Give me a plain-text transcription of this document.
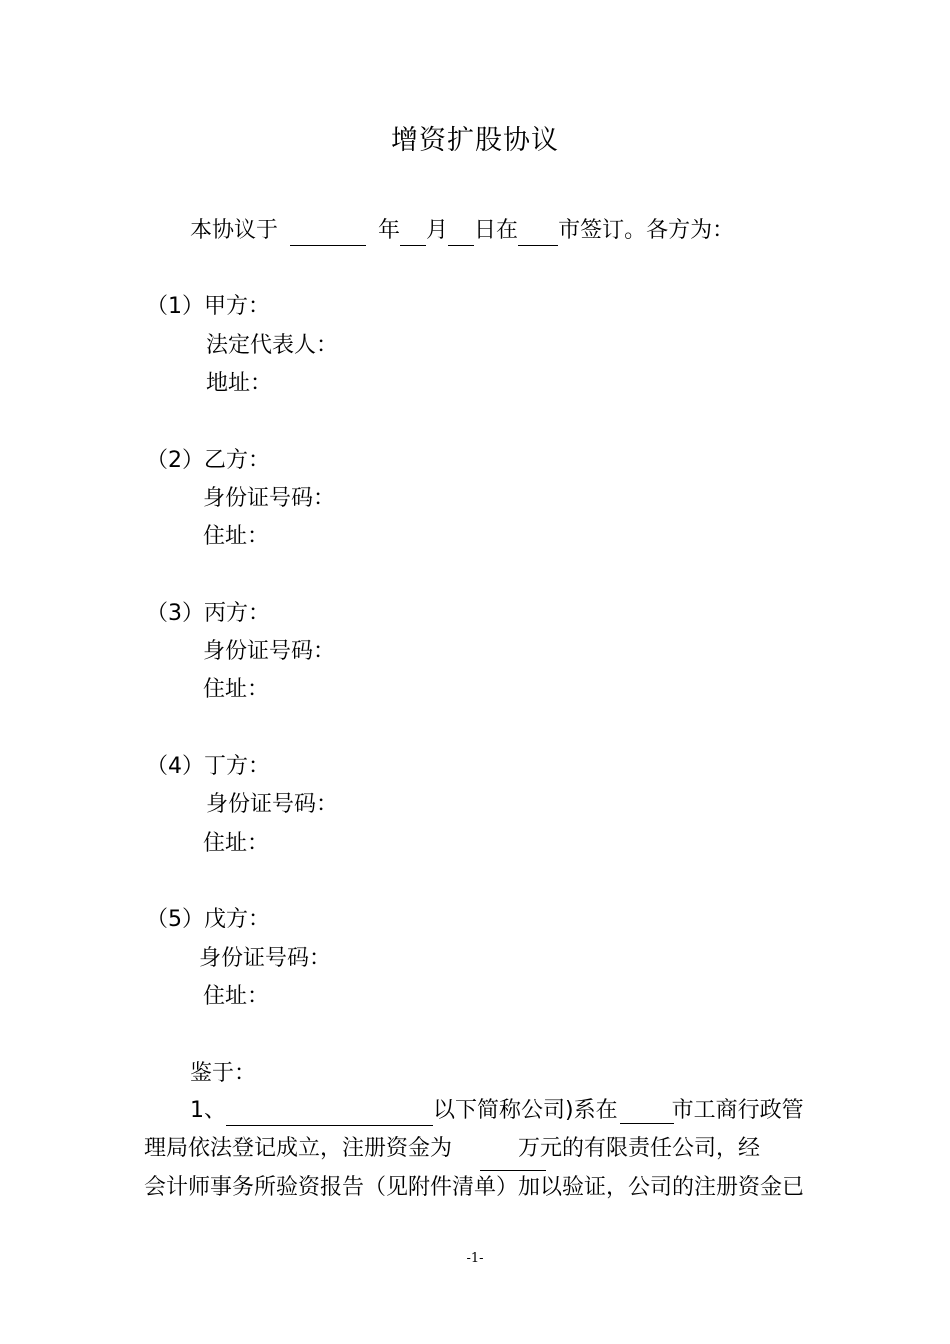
增资扩股协议
本协议于	年 月 日在 市签订。各方为：
（1）甲方：
法定代表人：
地址：
（2）乙方：
身份证号码：
住址：
（3）丙方：
身份证号码：
住址：
（4）丁方：
身份证号码：
住址：
（5）戊方：
身份证号码：
住址：
鉴于：
1、	以下简称公司)系在 市工商行政管
理局依法登记成立，注册资金为	万元的有限责任公司，经
会计师事务所验资报告（见附件清单）加以验证，公司的注册资金已
-1-
